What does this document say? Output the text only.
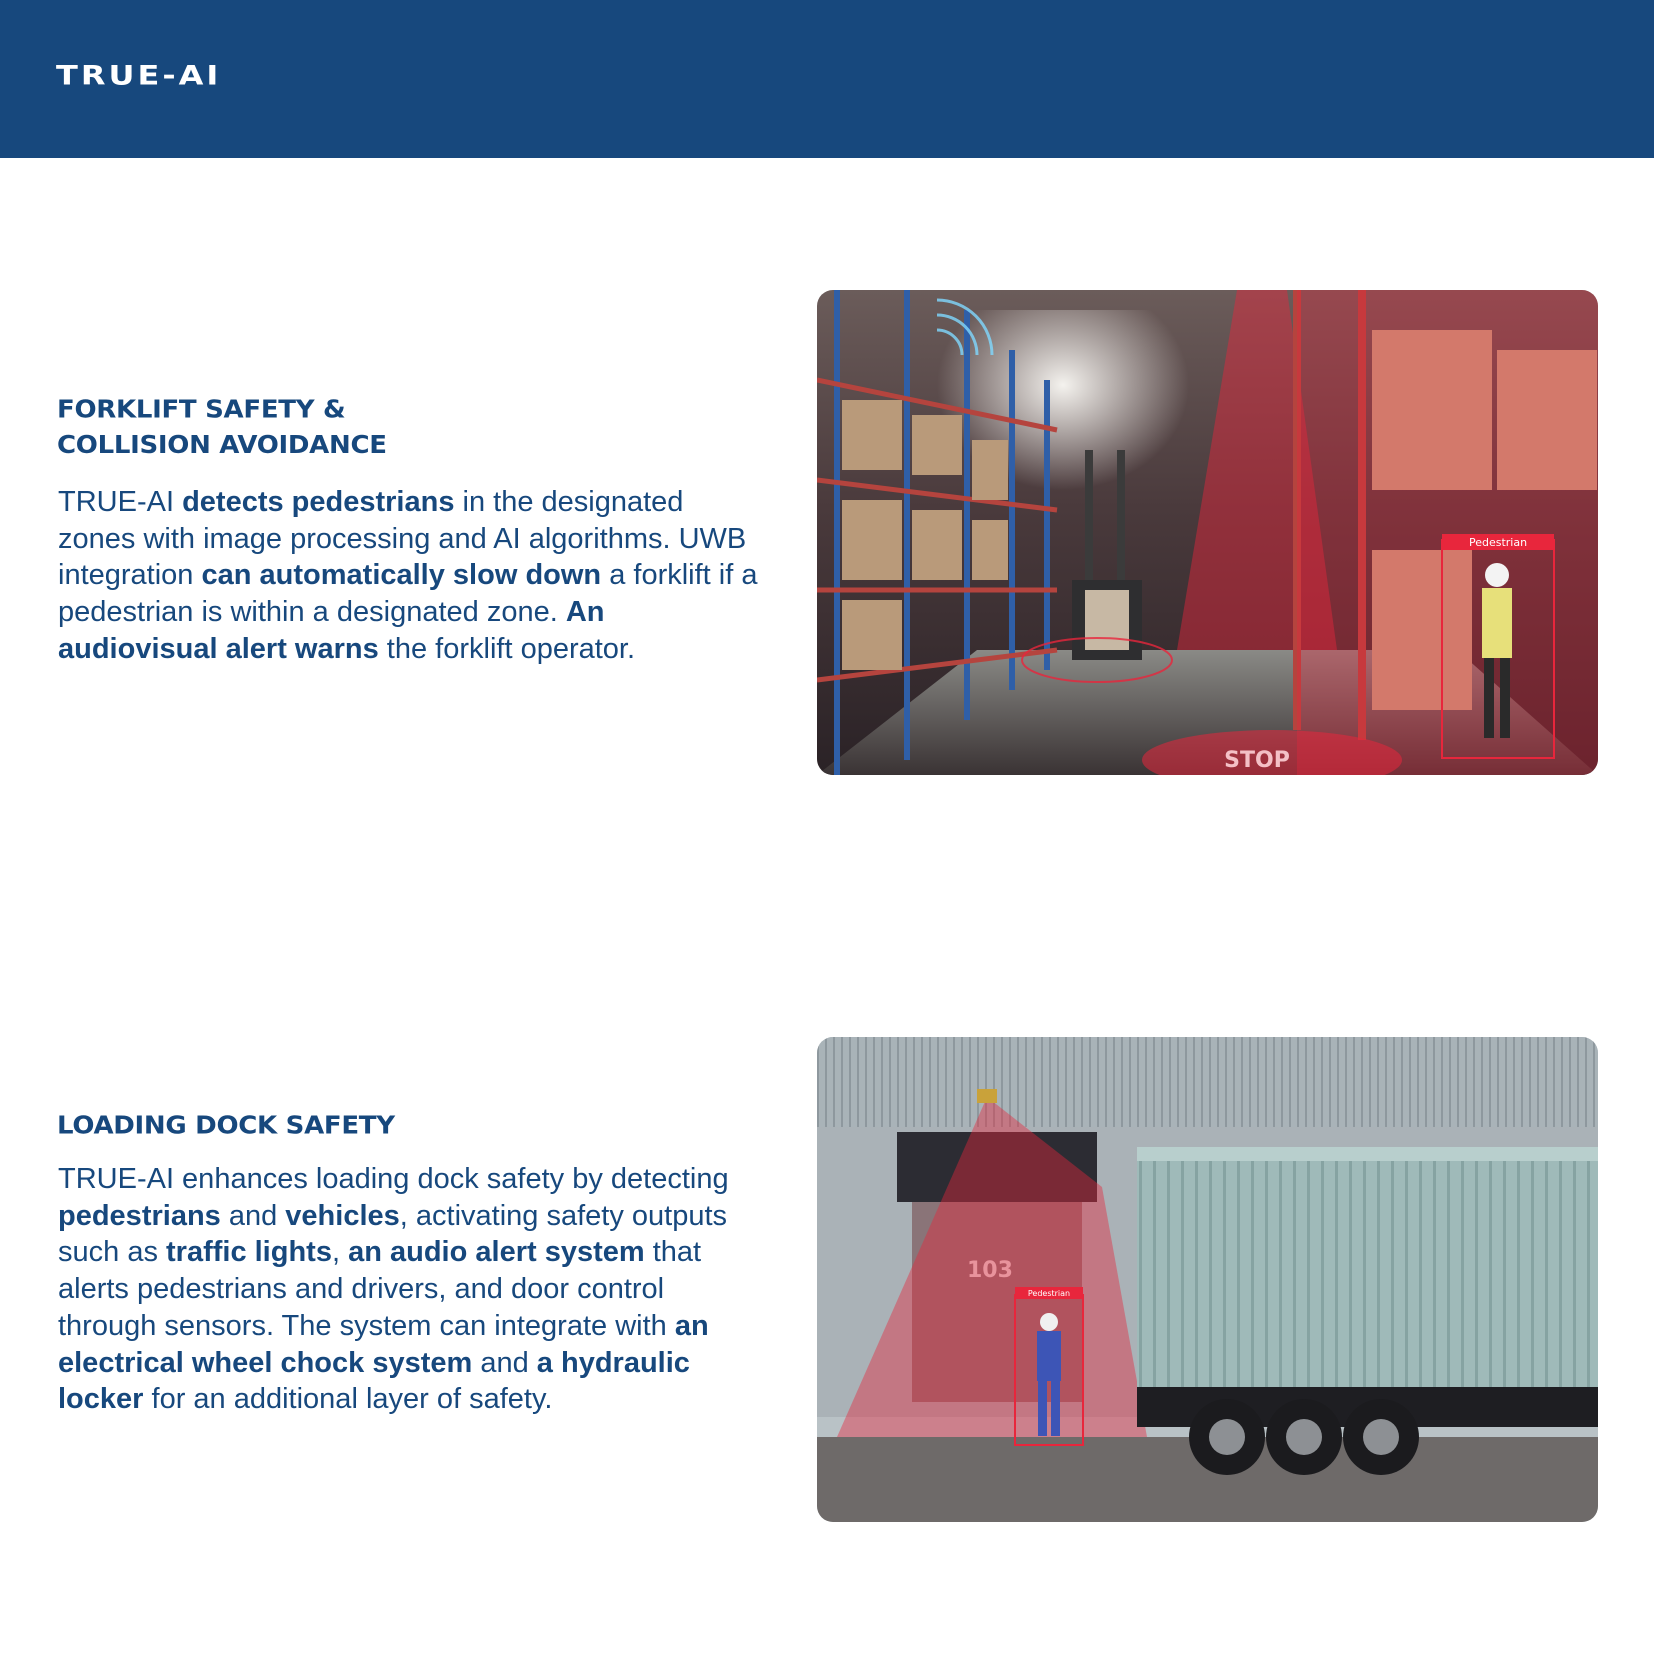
TRUE-AI
FORKLIFT SAFETY &
COLLISION AVOIDANCE
TRUE-AI detects pedestrians in the designated zones with image processing and AI algorithms. UWB integration can automatically slow down a forklift if a pedestrian is within a designated zone. An audiovisual alert warns the forklift operator.
Pedestrian
STOP
LOADING DOCK SAFETY
TRUE-AI enhances loading dock safety by detecting pedestrians and vehicles, activating safety outputs such as traffic lights, an audio alert system that alerts pedestrians and drivers, and door control through sensors. The system can integrate with an electrical wheel chock system and a hydraulic locker for an additional layer of safety.
103
Pedestrian
